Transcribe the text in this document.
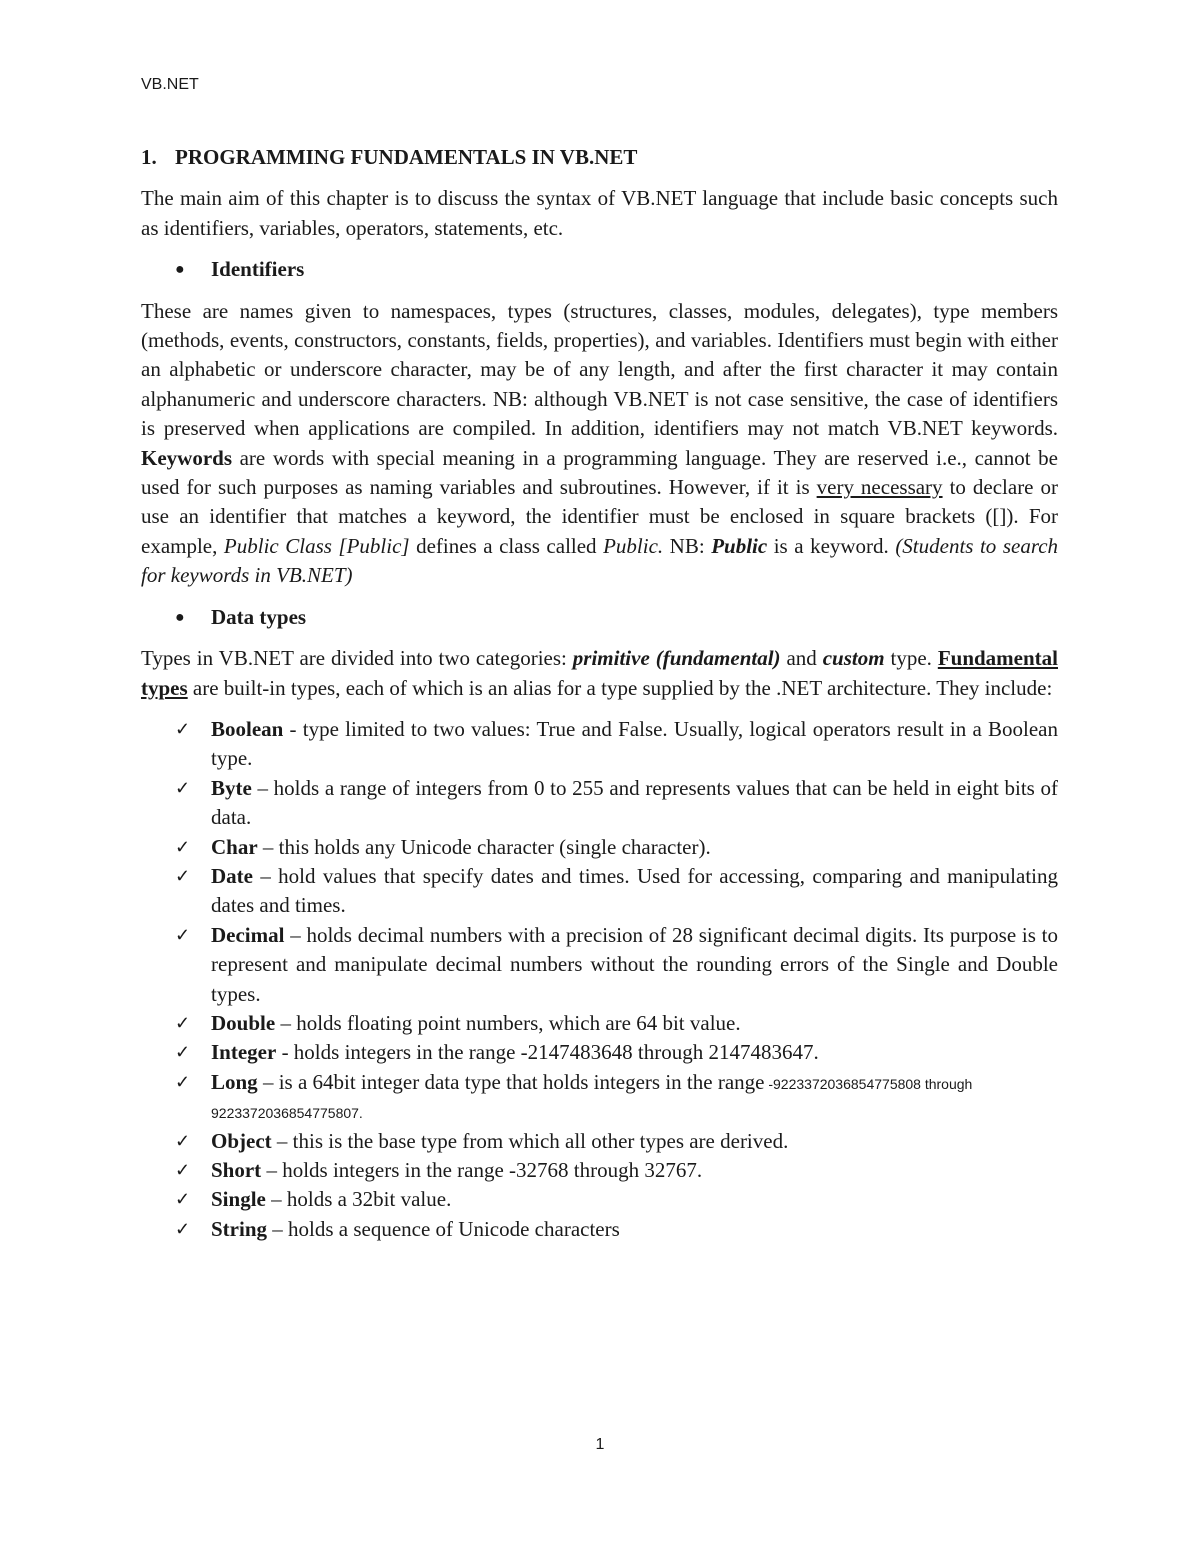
VB.NET
1. PROGRAMMING FUNDAMENTALS IN VB.NET

The main aim of this chapter is to discuss the syntax of VB.NET language that include basic concepts such as identifiers, variables, operators, statements, etc.

●	Identifiers

These are names given to namespaces, types (structures, classes, modules, delegates), type members (methods, events, constructors, constants, fields, properties), and variables. Identifiers must begin with either an alphabetic or underscore character, may be of any length, and after the first character it may contain alphanumeric and underscore characters. NB: although VB.NET is not case sensitive, the case of identifiers is preserved when applications are compiled. In addition, identifiers may not match VB.NET keywords. Keywords are words with special meaning in a programming language. They are reserved i.e., cannot be used for such purposes as naming variables and subroutines. However, if it is very necessary to declare or use an identifier that matches a keyword, the identifier must be enclosed in square brackets ([]). For example, Public Class [Public] defines a class called Public. NB: Public is a keyword. (Students to search for keywords in VB.NET)

●	Data types

Types in VB.NET are divided into two categories: primitive (fundamental) and custom type. Fundamental types are built-in types, each of which is an alias for a type supplied by the .NET architecture. They include:

✓ Boolean - type limited to two values: True and False. Usually, logical operators result in a Boolean type.
✓ Byte – holds a range of integers from 0 to 255 and represents values that can be held in eight bits of data.
✓ Char – this holds any Unicode character (single character).
✓ Date – hold values that specify dates and times. Used for accessing, comparing and manipulating dates and times.
✓ Decimal – holds decimal numbers with a precision of 28 significant decimal digits. Its purpose is to represent and manipulate decimal numbers without the rounding errors of the Single and Double types.
✓ Double – holds floating point numbers, which are 64 bit value.
✓ Integer - holds integers in the range -2147483648 through 2147483647.
✓ Long – is a 64bit integer data type that holds integers in the range -9223372036854775808 through
9223372036854775807.
✓ Object – this is the base type from which all other types are derived.
✓ Short – holds integers in the range -32768 through 32767.
✓ Single – holds a 32bit value.
✓ String – holds a sequence of Unicode characters
1
